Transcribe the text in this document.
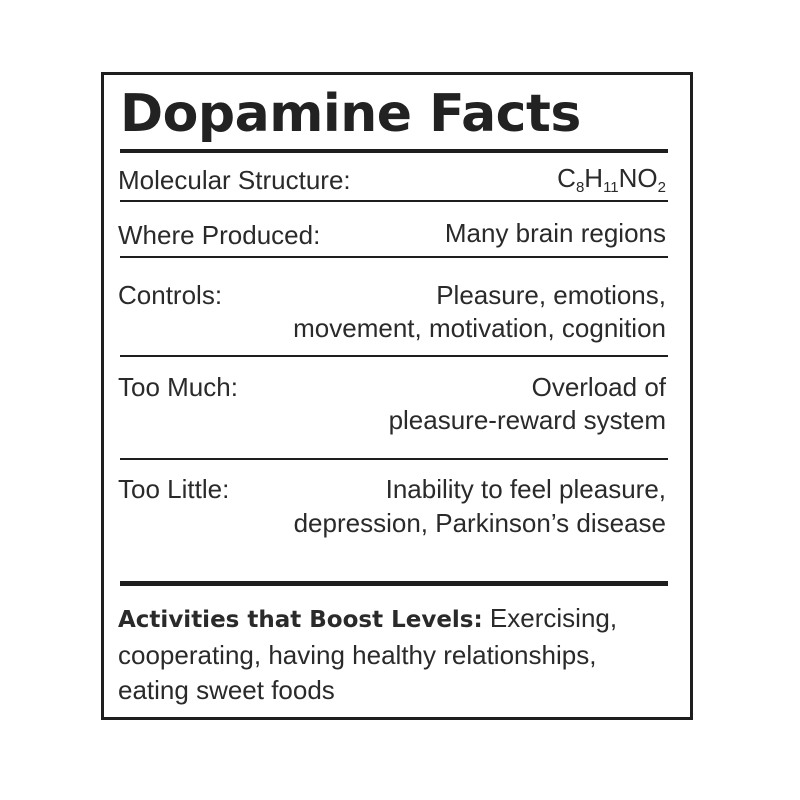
Dopamine Facts
Molecular Structure:	$C_8H_{11}NO_2$
Where Produced:	Many brain regions
Controls:	Pleasure, emotions,
movement, motivation, cognition
Too Much:	Overload of
pleasure-reward system
Too Little:	Inability to feel pleasure,
depression, Parkinson’s disease

Activities that Boost Levels: Exercising,
cooperating, having healthy relationships,
eating sweet foods
